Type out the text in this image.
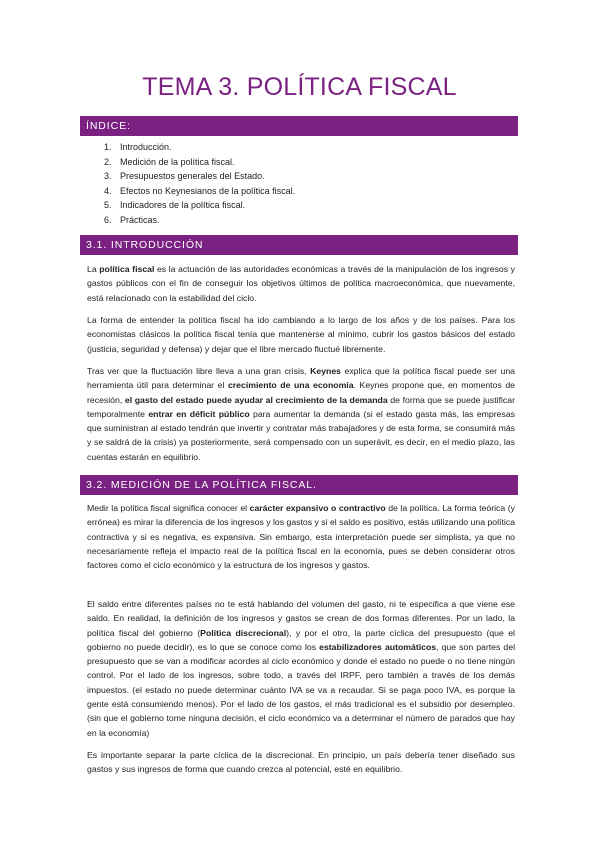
TEMA 3. POLÍTICA FISCAL
ÍNDICE:
1. Introducción.
2. Medición de la política fiscal.
3. Presupuestos generales del Estado.
4. Efectos no Keynesianos de la política fiscal.
5. Indicadores de la política fiscal.
6. Prácticas.
3.1. INTRODUCCIÓN

La política fiscal es la actuación de las autoridades económicas a través de la manipulación de los ingresos y gastos públicos con el fin de conseguir los objetivos últimos de política macroeconómica, que nuevamente, está relacionado con la estabilidad del ciclo.

La forma de entender la política fiscal ha ido cambiando a lo largo de los años y de los países. Para los economistas clásicos la política fiscal tenía que mantenerse al mínimo, cubrir los gastos básicos del estado (justicia, seguridad y defensa) y dejar que el libre mercado fluctué libremente.

Tras ver que la fluctuación libre lleva a una gran crisis, Keynes explica que la política fiscal puede ser una herramienta útil para determinar el crecimiento de una economía. Keynes propone que, en momentos de recesión, el gasto del estado puede ayudar al crecimiento de la demanda de forma que se puede justificar temporalmente entrar en déficit público para aumentar la demanda (si el estado gasta más, las empresas que suministran al estado tendrán que invertir y contratar más trabajadores y de esta forma, se consumirá más y se saldrá de la crisis) ya posteriormente, será compensado con un superávit, es decir, en el medio plazo, las cuentas estarán en equilibrio.

3.2. MEDICIÓN DE LA POLÍTICA FISCAL.

Medir la política fiscal significa conocer el carácter expansivo o contractivo de la política. La forma teórica (y errónea) es mirar la diferencia de los ingresos y los gastos y si el saldo es positivo, estás utilizando una política contractiva y si es negativa, es expansiva. Sin embargo, esta interpretación puede ser simplista, ya que no necesariamente refleja el impacto real de la política fiscal en la economía, pues se deben considerar otros factores como el ciclo económico y la estructura de los ingresos y gastos.

El saldo entre diferentes países no te está hablando del volumen del gasto, ni te especifica a que viene ese saldo. En realidad, la definición de los ingresos y gastos se crean de dos formas diferentes. Por un lado, la política fiscal del gobierno (Política discrecional), y por el otro, la parte cíclica del presupuesto (que el gobierno no puede decidir), es lo que se conoce como los estabilizadores automáticos, que son partes del presupuesto que se van a modificar acordes al ciclo económico y donde el estado no puede o no tiene ningún control. Por el lado de los ingresos, sobre todo, a través del IRPF, pero también a través de los demás impuestos. (el estado no puede determinar cuánto IVA se va a recaudar. Si se paga poco IVA, es porque la gente está consumiendo menos). Por el lado de los gastos, el más tradicional es el subsidio por desempleo. (sin que el gobierno tome ninguna decisión, el ciclo económico va a determinar el número de parados que hay en la economía)

Es importante separar la parte cíclica de la discrecional. En principio, un país debería tener diseñado sus gastos y sus ingresos de forma que cuando crezca al potencial, esté en equilibrio.
